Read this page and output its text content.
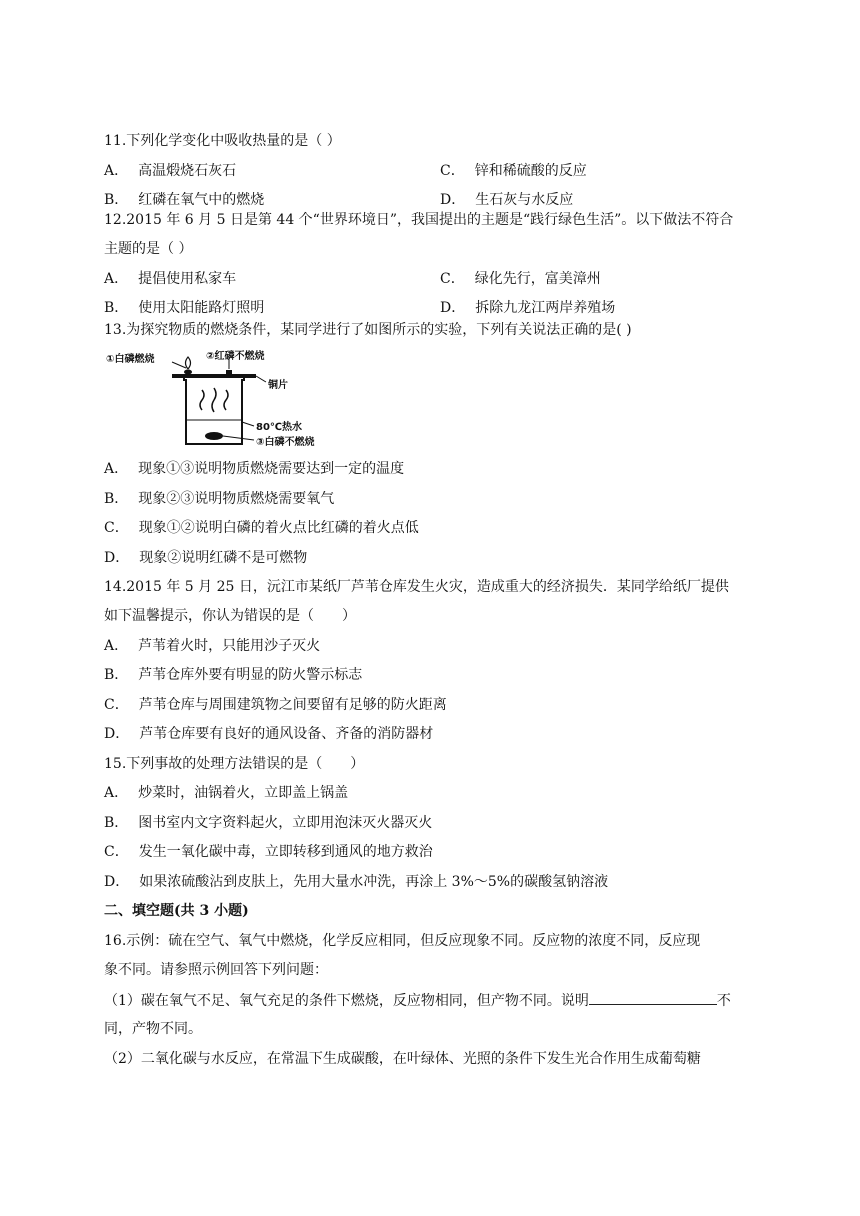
11.下列化学变化中吸收热量的是（ ）
A． 高温煅烧石灰石	C． 锌和稀硫酸的反应
B． 红磷在氧气中的燃烧	D． 生石灰与水反应
12.2015 年 6 月 5 日是第 44 个“世界环境日”，我国提出的主题是“践行绿色生活”。以下做法不符合
主题的是（ ）
A． 提倡使用私家车	C． 绿化先行，富美漳州
B． 使用太阳能路灯照明	D． 拆除九龙江两岸养殖场
13.为探究物质的燃烧条件，某同学进行了如图所示的实验，下列有关说法正确的是( )
①白磷燃烧	②红磷不燃烧
铜片
80℃热水
③白磷不燃烧
A． 现象①③说明物质燃烧需要达到一定的温度
B． 现象②③说明物质燃烧需要氧气
C． 现象①②说明白磷的着火点比红磷的着火点低
D． 现象②说明红磷不是可燃物
14.2015 年 5 月 25 日，沅江市某纸厂芦苇仓库发生火灾，造成重大的经济损失．某同学给纸厂提供
如下温馨提示，你认为错误的是（　　）
A． 芦苇着火时，只能用沙子灭火
B． 芦苇仓库外要有明显的防火警示标志
C． 芦苇仓库与周围建筑物之间要留有足够的防火距离
D． 芦苇仓库要有良好的通风设备、齐备的消防器材
15.下列事故的处理方法错误的是（　　）
A． 炒菜时，油锅着火，立即盖上锅盖
B． 图书室内文字资料起火，立即用泡沫灭火器灭火
C． 发生一氧化碳中毒，立即转移到通风的地方救治
D． 如果浓硫酸沾到皮肤上，先用大量水冲洗，再涂上 3%～5%的碳酸氢钠溶液
二、填空题(共 3 小题)
16.示例：硫在空气、氧气中燃烧，化学反应相同，但反应现象不同。反应物的浓度不同，反应现
象不同。请参照示例回答下列问题：
（1）碳在氧气不足、氧气充足的条件下燃烧，反应物相同，但产物不同。说明	不
同，产物不同。
（2）二氧化碳与水反应，在常温下生成碳酸，在叶绿体、光照的条件下发生光合作用生成葡萄糖
